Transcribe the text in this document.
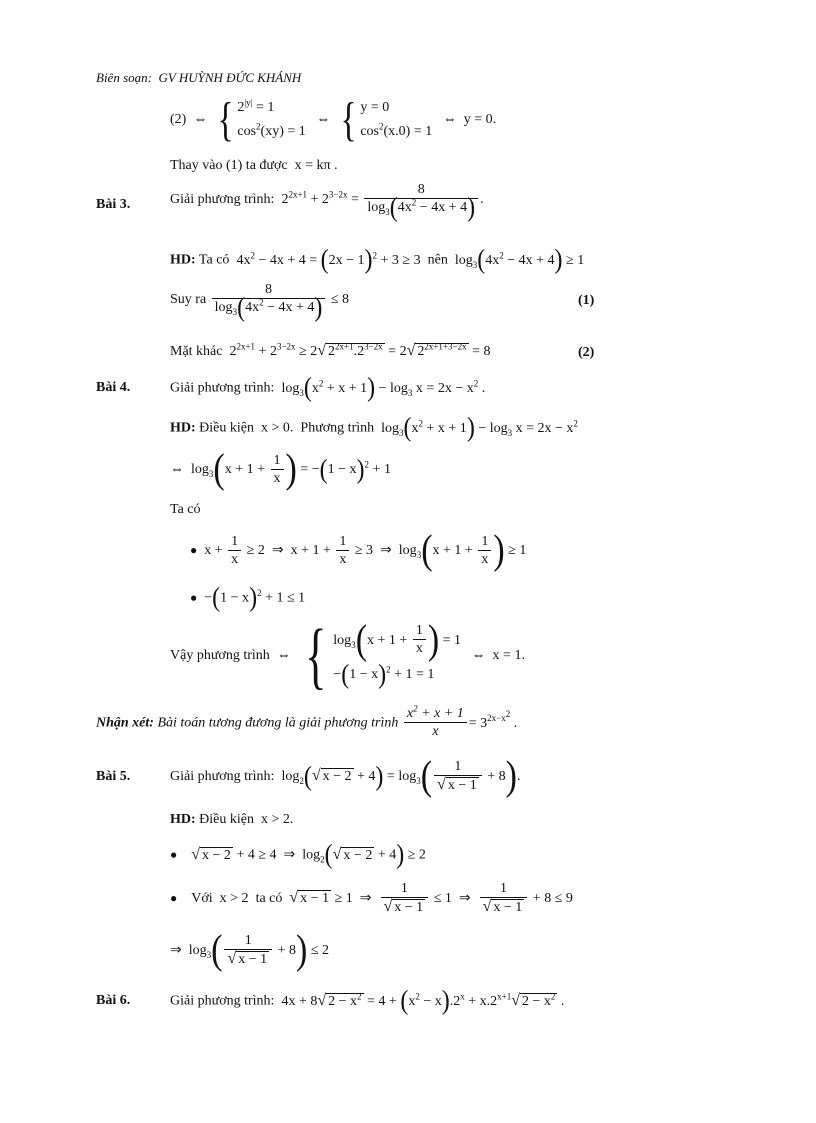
Biên soạn: GV HUỲNH ĐỨC KHÁNH
(2)  ⇔  { $2^{|y|} = 1$
$\cos^2(xy) = 1$
⇔  { y = 0
$\cos^2(x.0) = 1$
⇔  y = 0.
Thay vào (1) ta được  x = kπ .
Bài 3.	Giải phương trình:  $2^{2x+1} + 2^{3-2x} = \frac{8}{\log_3(4x^2 - 4x + 4)}$ .
HD: Ta có  $4x^2 - 4x + 4 = (2x - 1)^2 + 3 \ge 3$  nên  $\log_3(4x^2 - 4x + 4) \ge 1$
Suy ra $\frac{8}{\log_3(4x^2 - 4x + 4)} \le 8$	(1)
Mặt khác  $2^{2x+1} + 2^{3-2x} \ge 2√$ $2^{2x+1}.2^{3-2x} = 2√$ $2^{2x+1+3-2x} = 8$	(2)
Bài 4.	Giải phương trình:  $\log_3(x^2 + x + 1) - \log_3 x = 2x - x^2$ .
HD: Điều kiện  x > 0.  Phương trình  $\log_3(x^2 + x + 1) - \log_3 x = 2x - x^2$
⇔  $\log_3(x + 1 + \frac{1}{x}$ ) = $-(1 - x)^2 + 1$
Ta có
●  $x + \frac{1}{x} \ge 2$  ⇒  $x + 1 + \frac{1}{x} \ge 3$  ⇒  $\log_3(x + 1 + \frac{1}{x}$ ) ≥ 1
●  $-(1 - x)^2 + 1 \le 1$
Vậy phương trình  ⇔  { $\log_3(x + 1 + \frac{1}{x}$ ) = 1
$-(1 - x)^2 + 1 = 1$
⇔  x = 1.
Nhận xét: Bài toán tương đương là giải phương trình $\frac{x^2 + x + 1}{x} = 3^{2x-x^2}$ .
Bài 5.	Giải phương trình:  $\log_2(√$ $x - 2 + 4) = \log_3( \frac{1}{√ x - 1} + 8)$.
HD: Điều kiện  x > 2.
● √ x − 2 + 4 ≥ 4  ⇒  $\log_2(√$ x − 2 + 4) ≥ 2
● Với  x > 2  ta có √ x − 1 ≥ 1  ⇒ $\frac{1}{√ x - 1} \le 1$  ⇒ $\frac{1}{√ x - 1} + 8 \le 9$
⇒  $\log_3( \frac{1}{√ x - 1} + 8) \le 2$
Bài 6.	Giải phương trình:  4x + 8√ $2 - x^2 = 4 + (x^2 - x).2^x + x.2^{x+1}√$ $2 - x^2$ .
